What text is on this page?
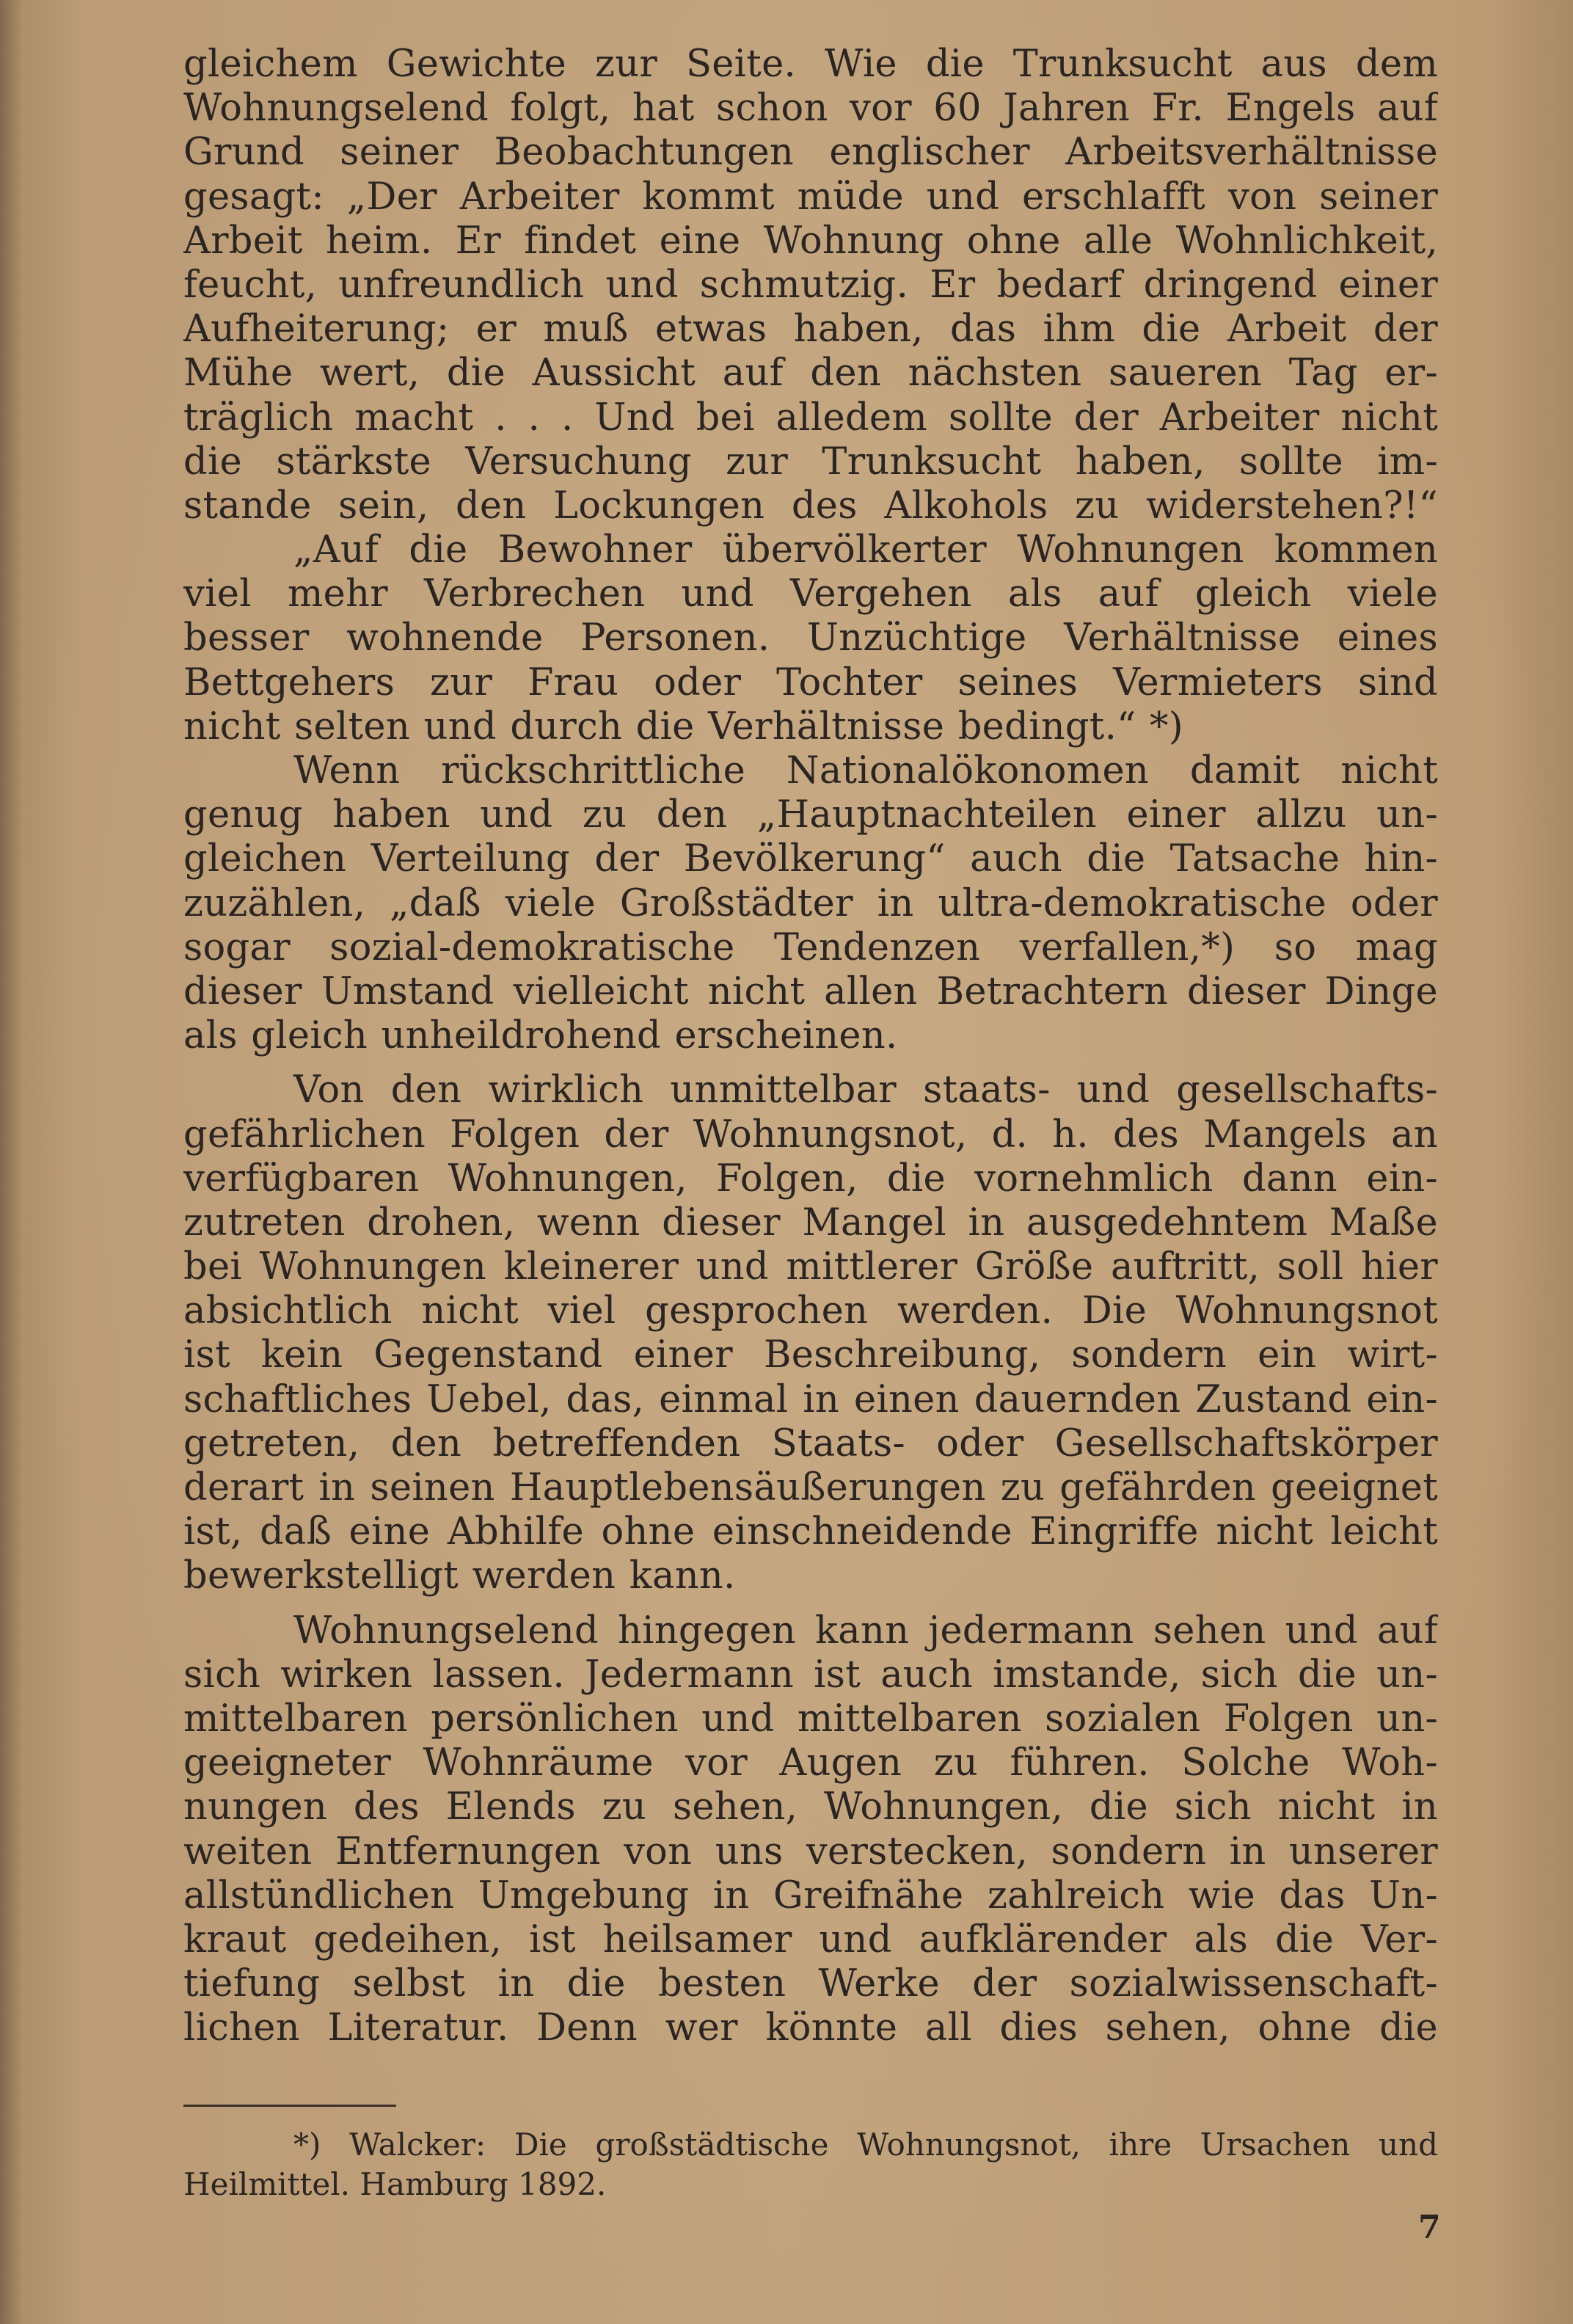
gleichem Gewichte zur Seite. Wie die Trunksucht aus dem
Wohnungselend folgt, hat schon vor 60 Jahren Fr. Engels auf
Grund seiner Beobachtungen englischer Arbeitsverhältnisse
gesagt: „Der Arbeiter kommt müde und erschlafft von seiner
Arbeit heim. Er findet eine Wohnung ohne alle Wohnlichkeit,
feucht, unfreundlich und schmutzig. Er bedarf dringend einer
Aufheiterung; er muß etwas haben, das ihm die Arbeit der
Mühe wert, die Aussicht auf den nächsten saueren Tag er-
träglich macht . . . Und bei alledem sollte der Arbeiter nicht
die stärkste Versuchung zur Trunksucht haben, sollte im-
stande sein, den Lockungen des Alkohols zu widerstehen?!“

„Auf die Bewohner übervölkerter Wohnungen kommen
viel mehr Verbrechen und Vergehen als auf gleich viele
besser wohnende Personen. Unzüchtige Verhältnisse eines
Bettgehers zur Frau oder Tochter seines Vermieters sind
nicht selten und durch die Verhältnisse bedingt.“ *)

Wenn rückschrittliche Nationalökonomen damit nicht
genug haben und zu den „Hauptnachteilen einer allzu un-
gleichen Verteilung der Bevölkerung“ auch die Tatsache hin-
zuzählen, „daß viele Großstädter in ultra-demokratische oder
sogar sozial-demokratische Tendenzen verfallen,*) so mag
dieser Umstand vielleicht nicht allen Betrachtern dieser Dinge
als gleich unheildrohend erscheinen.

Von den wirklich unmittelbar staats- und gesellschafts-
gefährlichen Folgen der Wohnungsnot, d. h. des Mangels an
verfügbaren Wohnungen, Folgen, die vornehmlich dann ein-
zutreten drohen, wenn dieser Mangel in ausgedehntem Maße
bei Wohnungen kleinerer und mittlerer Größe auftritt, soll hier
absichtlich nicht viel gesprochen werden. Die Wohnungsnot
ist kein Gegenstand einer Beschreibung, sondern ein wirt-
schaftliches Uebel, das, einmal in einen dauernden Zustand ein-
getreten, den betreffenden Staats- oder Gesellschaftskörper
derart in seinen Hauptlebensäußerungen zu gefährden geeignet
ist, daß eine Abhilfe ohne einschneidende Eingriffe nicht leicht
bewerkstelligt werden kann.

Wohnungselend hingegen kann jedermann sehen und auf
sich wirken lassen. Jedermann ist auch imstande, sich die un-
mittelbaren persönlichen und mittelbaren sozialen Folgen un-
geeigneter Wohnräume vor Augen zu führen. Solche Woh-
nungen des Elends zu sehen, Wohnungen, die sich nicht in
weiten Entfernungen von uns verstecken, sondern in unserer
allstündlichen Umgebung in Greifnähe zahlreich wie das Un-
kraut gedeihen, ist heilsamer und aufklärender als die Ver-
tiefung selbst in die besten Werke der sozialwissenschaft-
lichen Literatur. Denn wer könnte all dies sehen, ohne die

*) Walcker: Die großstädtische Wohnungsnot, ihre Ursachen und
Heilmittel. Hamburg 1892.
7
